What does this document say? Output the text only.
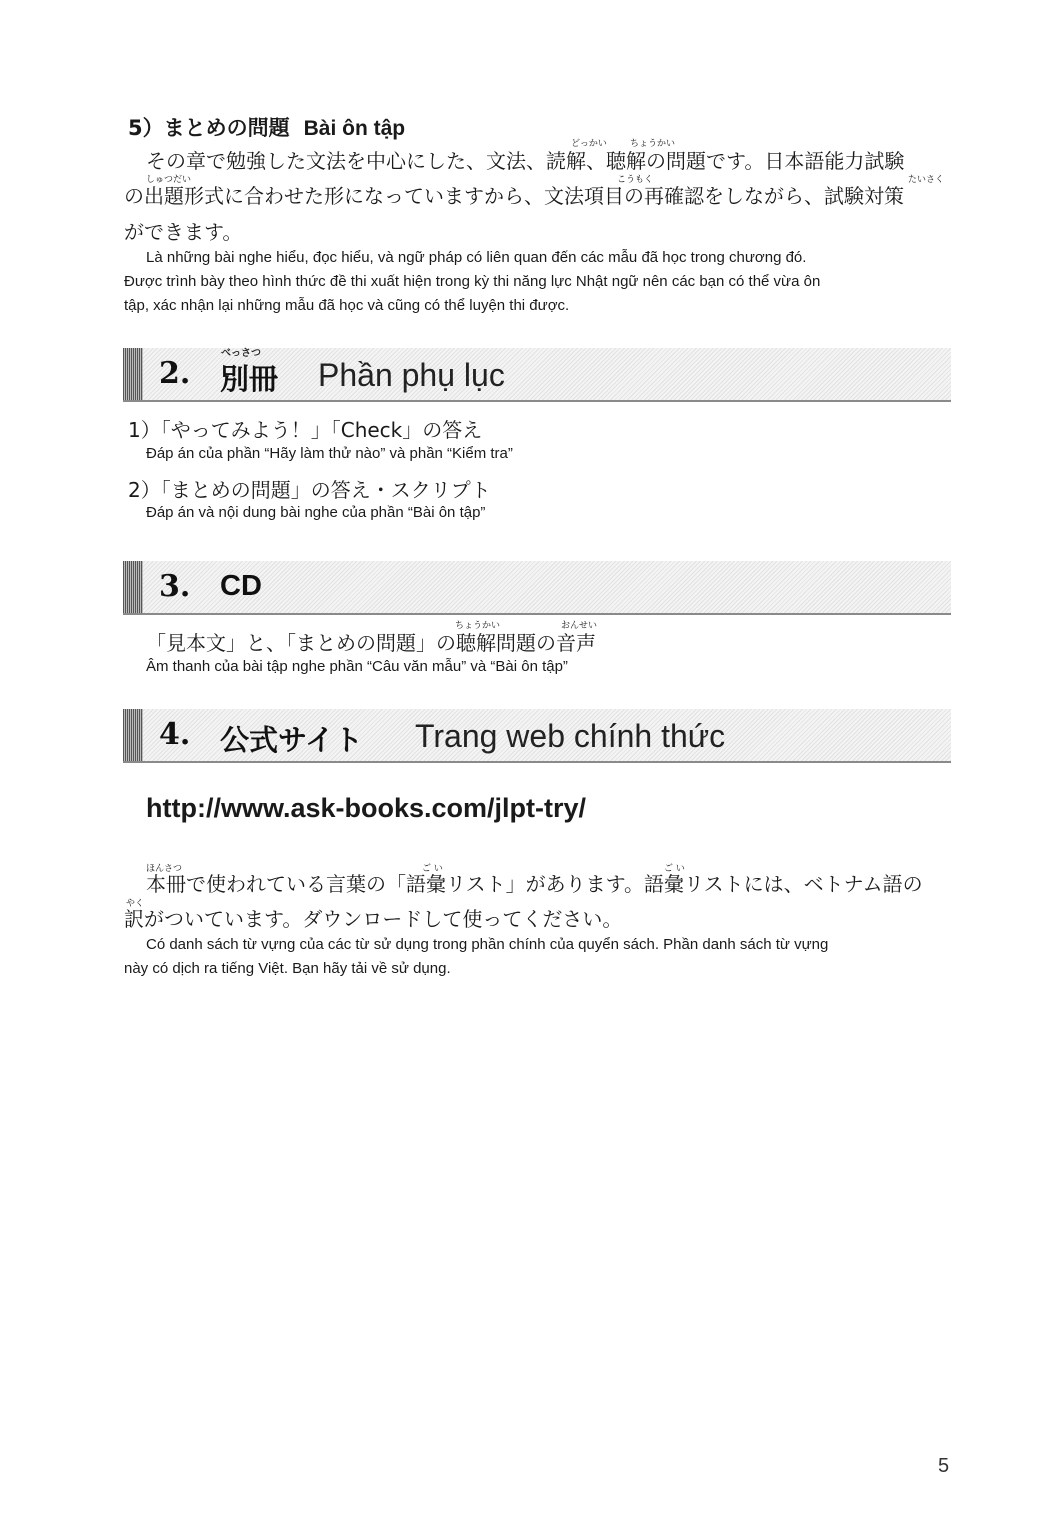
5）まとめの問題 Bài ôn tập
どっかい	ちょうかい
その章で勉強した文法を中心にした、文法、読解、聴解の問題です。日本語能力試験
しゅつだい	こうもく	たいさく
の出題形式に合わせた形になっていますから、文法項目の再確認をしながら、試験対策
ができます。
Là những bài nghe hiểu, đọc hiểu, và ngữ pháp có liên quan đến các mẫu đã học trong chương đó.
Được trình bày theo hình thức đề thi xuất hiện trong kỳ thi năng lực Nhật ngữ nên các bạn có thể vừa ôn
tập, xác nhận lại những mẫu đã học và cũng có thể luyện thi được.
2.
べっさつ
別冊 Phần phụ lục
1）「やってみよう！」「Check」の答え
Đáp án của phần “Hãy làm thử nào” và phần “Kiểm tra”
2）「まとめの問題」の答え・スクリプト
Đáp án và nội dung bài nghe của phần “Bài ôn tập”
3. CD
ちょうかい	おんせい
「見本文」と、「まとめの問題」の聴解問題の音声
Âm thanh của bài tập nghe phần “Câu văn mẫu” và “Bài ôn tập”
4. 公式サイト Trang web chính thức
http://www.ask-books.com/jlpt-try/
ほんさつ	ご い	ご い
本冊で使われている言葉の「語彙リスト」があります。語彙リストには、ベトナム語の
やく
訳がついています。ダウンロードして使ってください。
Có danh sách từ vựng của các từ sử dụng trong phần chính của quyển sách. Phần danh sách từ vựng
này có dịch ra tiếng Việt. Bạn hãy tải về sử dụng.
5
